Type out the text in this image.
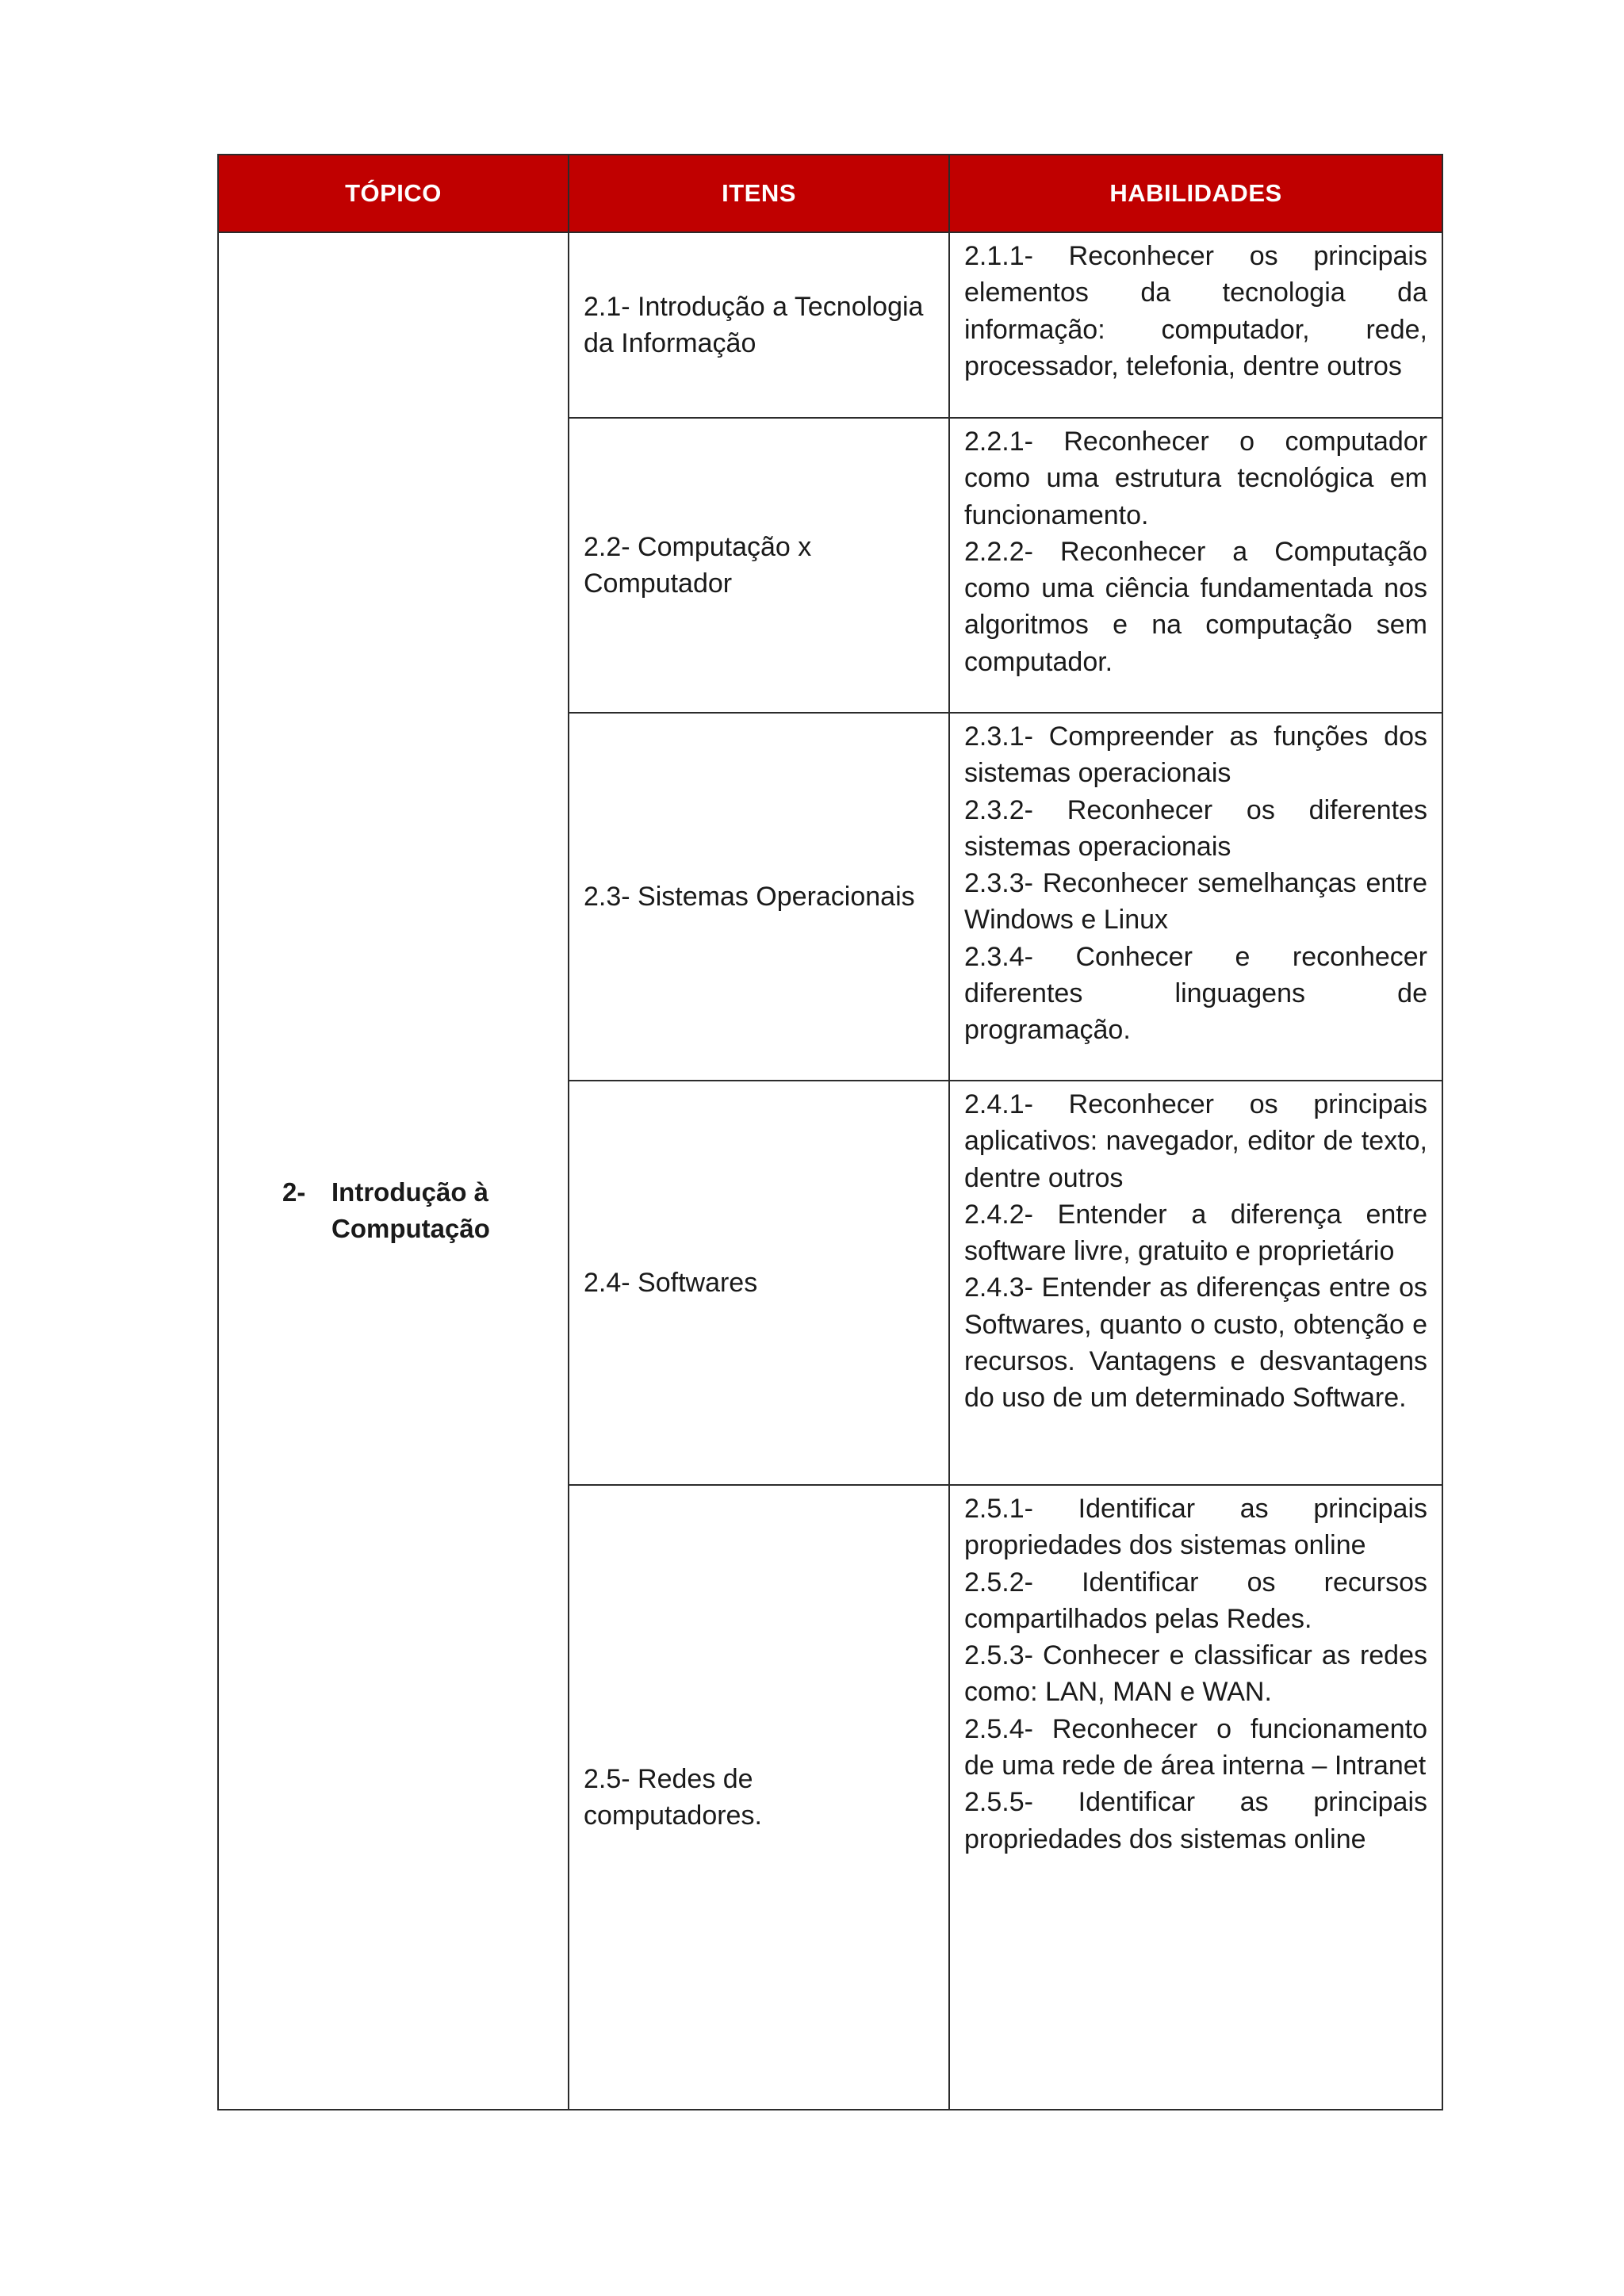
TÓPICO	ITENS	HABILIDADES

2- Introdução à Computação	2.1- Introdução a Tecnologia da Informação	2.1.1- Reconhecer os principais elementos da tecnologia da informação: computador, rede, processador, telefonia, dentre outros

	2.2- Computação x Computador	2.2.1- Reconhecer o computador como uma estrutura tecnológica em funcionamento.
2.2.2- Reconhecer a Computação como uma ciência fundamentada nos algoritmos e na computação sem computador.

	2.3- Sistemas Operacionais	2.3.1- Compreender as funções dos sistemas operacionais
2.3.2- Reconhecer os diferentes sistemas operacionais
2.3.3- Reconhecer semelhanças entre Windows e Linux
2.3.4- Conhecer e reconhecer diferentes linguagens de programação.

	2.4- Softwares	2.4.1- Reconhecer os principais aplicativos: navegador, editor de texto, dentre outros
2.4.2- Entender a diferença entre software livre, gratuito e proprietário
2.4.3- Entender as diferenças entre os Softwares, quanto o custo, obtenção e recursos. Vantagens e desvantagens do uso de um determinado Software.

	2.5- Redes de computadores.	2.5.1- Identificar as principais propriedades dos sistemas online
2.5.2- Identificar os recursos compartilhados pelas Redes.
2.5.3- Conhecer e classificar as redes como: LAN, MAN e WAN.
2.5.4- Reconhecer o funcionamento de uma rede de área interna – Intranet
2.5.5- Identificar as principais propriedades dos sistemas online
